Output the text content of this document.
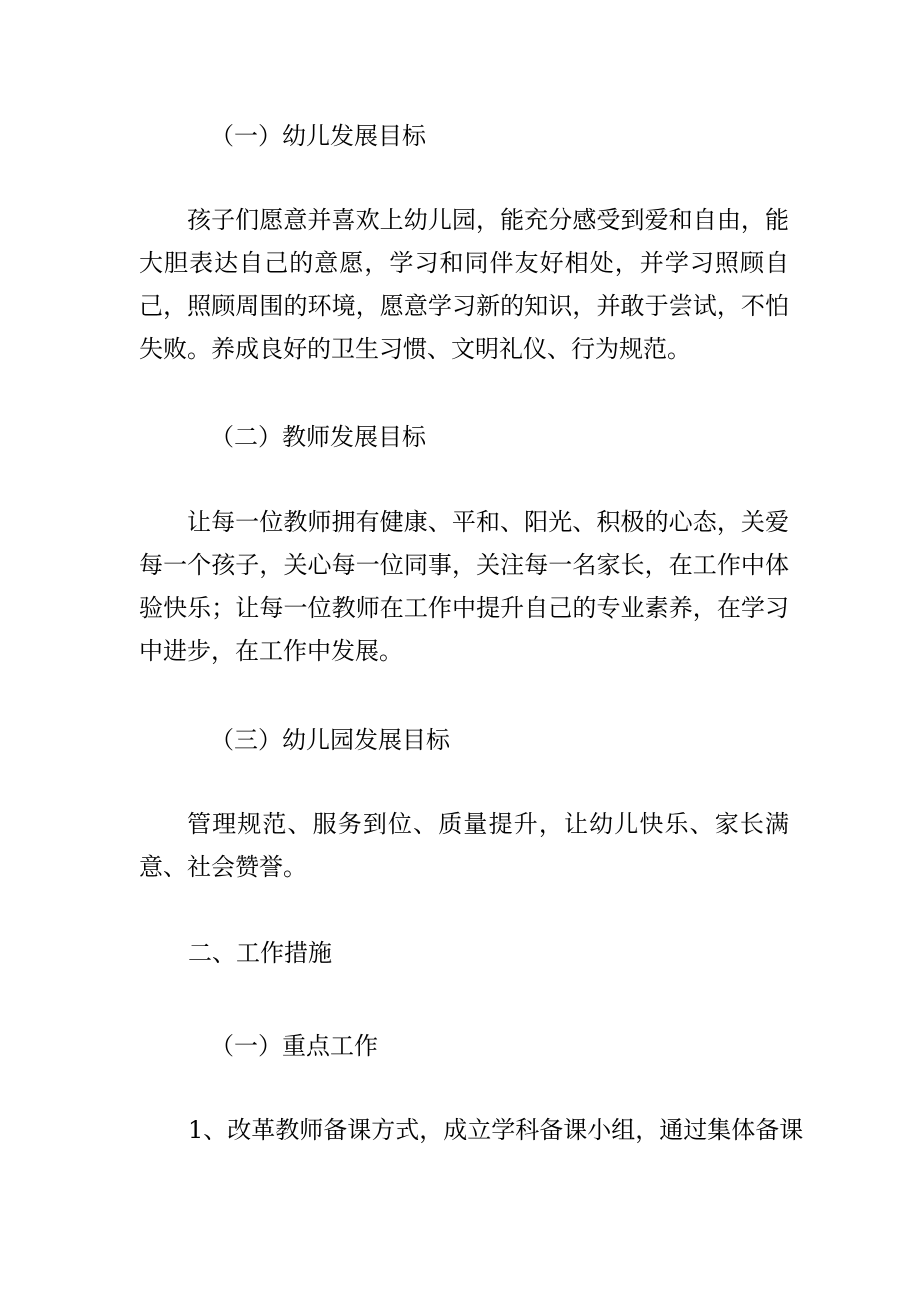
（一）幼儿发展目标
孩子们愿意并喜欢上幼儿园，能充分感受到爱和自由，能大胆表达自己的意愿，学习和同伴友好相处，并学习照顾自己，照顾周围的环境，愿意学习新的知识，并敢于尝试，不怕失败。养成良好的卫生习惯、文明礼仪、行为规范。
（二）教师发展目标
让每一位教师拥有健康、平和、阳光、积极的心态，关爱每一个孩子，关心每一位同事，关注每一名家长，在工作中体验快乐；让每一位教师在工作中提升自己的专业素养，在学习中进步，在工作中发展。
（三）幼儿园发展目标
管理规范、服务到位、质量提升，让幼儿快乐、家长满意、社会赞誉。
二、工作措施
（一）重点工作
1、改革教师备课方式，成立学科备课小组，通过集体备课
